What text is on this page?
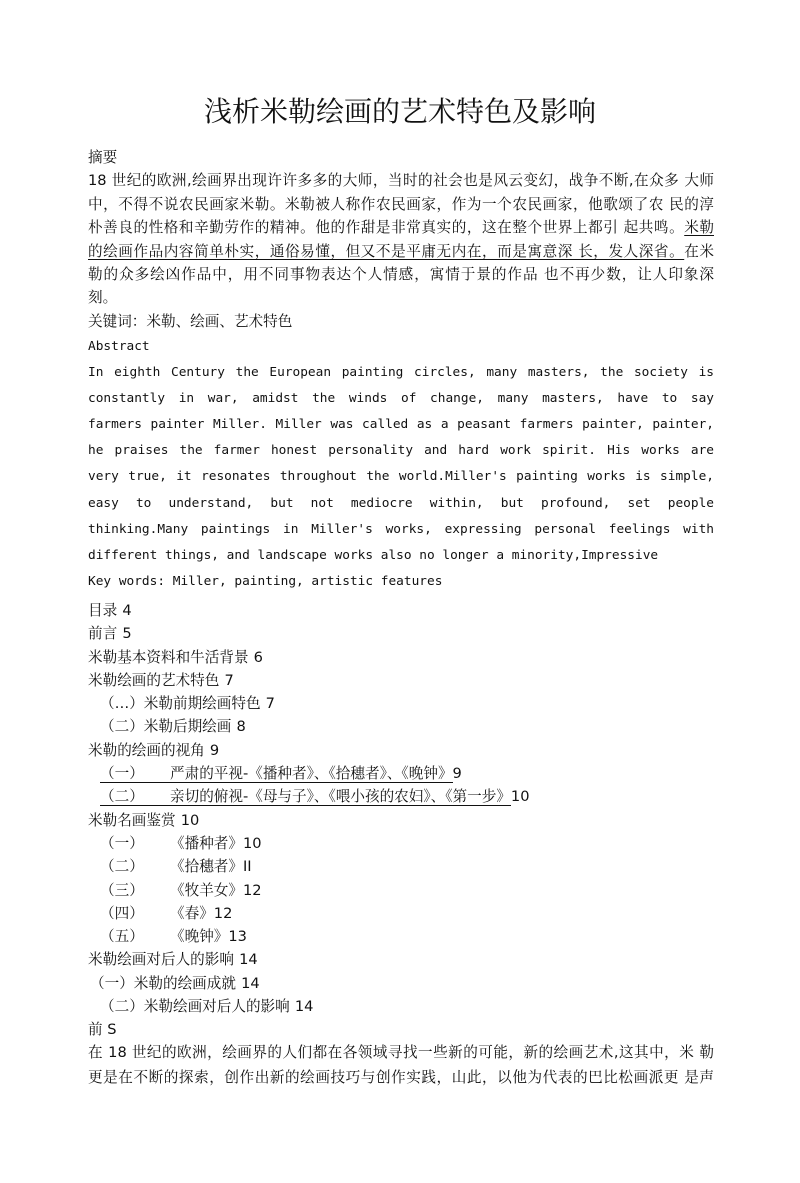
浅析米勒绘画的艺术特色及影响
摘要
18 世纪的欧洲,绘画界出现许许多多的大师，当时的社会也是风云变幻，战争不断,在众多 大师
中，不得不说农民画家米勒。米勒被人称作农民画家，作为一个农民画家，他歌颂了农 民的淳
朴善良的性格和辛勤劳作的精神。他的作甜是非常真实的，这在整个世界上都引 起共鸣。米勒
的绘画作品内容简单朴实，通俗易懂，但又不是平庸无内在，而是寓意深 长，发人深省。在米
勒的众多绘凶作品中，用不同事物表达个人情感，寓情于景的作品 也不再少数，让人印象深
刻。
关键词：米勒、绘画、艺术特色
Abstract
In eighth Century the European painting circles, many masters, the society is
constantly in war, amidst the winds of change, many masters, have to say
farmers painter Miller. Miller was called as a peasant farmers painter, painter,
he praises the farmer honest personality and hard work spirit. His works are
very true, it resonates throughout the world.Miller's painting works is simple,
easy to understand, but not mediocre within, but profound, set people
thinking.Many paintings in Miller's works, expressing personal feelings with
different things, and landscape works also no longer a minority,Impressive
Key words: Miller, painting, artistic features
目录 4
前言 5
米勒基本资料和牛活背景 6
米勒绘画的艺术特色 7
（…）米勒前期绘画特色 7
（二）米勒后期绘画 8
米勒的绘画的视角 9
（一） 严肃的平视-《播种者》、《拾穗者》、《晚钟》9
（二） 亲切的俯视-《母与子》、《喂小孩的农妇》、《第一步》10
米勒名画鉴赏 10
（一） 《播种者》10
（二） 《拾穗者》II
（三） 《牧羊女》12
（四） 《春》12
（五） 《晚钟》13
米勒绘画对后人的影响 14
（一）米勒的绘画成就 14
（二）米勒绘画对后人的影响 14
前 S
在 18 世纪的欧洲，绘画界的人们都在各领域寻找一些新的可能，新的绘画艺术,这其中，米 勒
更是在不断的探索，创作出新的绘画技巧与创作实践，山此，以他为代表的巴比松画派更 是声
